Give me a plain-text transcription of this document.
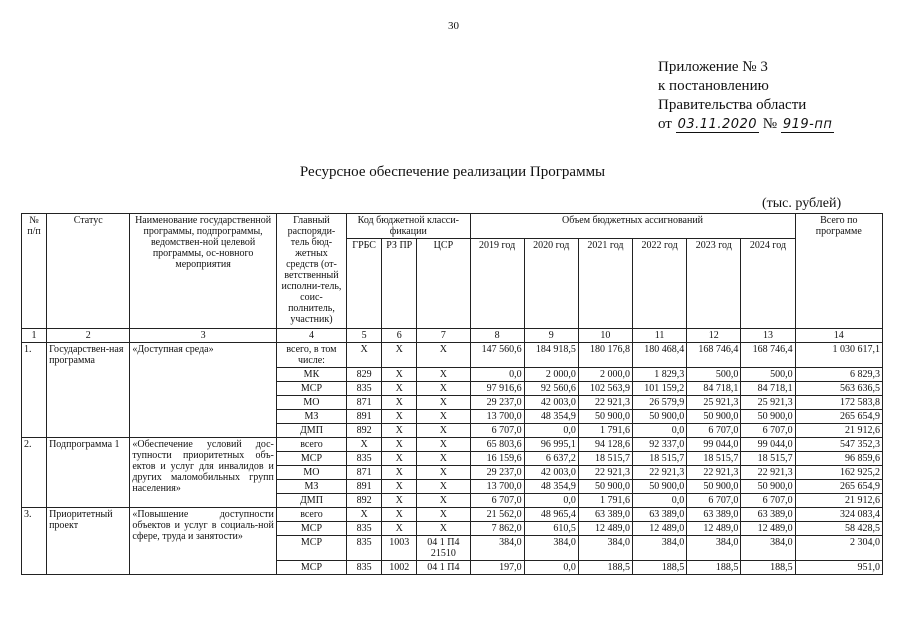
30
Приложение № 3
к постановлению
Правительства области
от 03.11.2020 № 919-пп
Ресурсное обеспечение реализации Программы
(тыс. рублей)
№ п/п	Статус	Наименование государственной программы, подпрограммы, ведомствен-ной целевой программы, ос-новного мероприятия	Главный распоряди-тель бюд-жетных средств (от-ветственный исполни-тель, соис-полнитель, участник)	Код бюджетной класси-фикации			Объем бюджетных ассигнований						Всего по программе
				ГРБС	РЗ ПР	ЦСР	2019 год	2020 год	2021 год	2022 год	2023 год	2024 год	
1	2	3	4	5	6	7	8	9	10	11	12	13	14
1.	Государствен-ная программа	«Доступная среда»	всего, в том числе:	X	X	X	147 560,6	184 918,5	180 176,8	180 468,4	168 746,4	168 746,4	1 030 617,1
			МК	829	X	X	0,0	2 000,0	2 000,0	1 829,3	500,0	500,0	6 829,3
			МСР	835	X	X	97 916,6	92 560,6	102 563,9	101 159,2	84 718,1	84 718,1	563 636,5
			МО	871	X	X	29 237,0	42 003,0	22 921,3	26 579,9	25 921,3	25 921,3	172 583,8
			МЗ	891	X	X	13 700,0	48 354,9	50 900,0	50 900,0	50 900,0	50 900,0	265 654,9
			ДМП	892	X	X	6 707,0	0,0	1 791,6	0,0	6 707,0	6 707,0	21 912,6
2.	Подпрограмма 1	«Обеспечение условий дос-тупности приоритетных объ-ектов и услуг для инвалидов и других маломобильных групп населения»	всего	X	X	X	65 803,6	96 995,1	94 128,6	92 337,0	99 044,0	99 044,0	547 352,3
			МСР	835	X	X	16 159,6	6 637,2	18 515,7	18 515,7	18 515,7	18 515,7	96 859,6
			МО	871	X	X	29 237,0	42 003,0	22 921,3	22 921,3	22 921,3	22 921,3	162 925,2
			МЗ	891	X	X	13 700,0	48 354,9	50 900,0	50 900,0	50 900,0	50 900,0	265 654,9
			ДМП	892	X	X	6 707,0	0,0	1 791,6	0,0	6 707,0	6 707,0	21 912,6
3.	Приоритетный проект	«Повышение доступности объектов и услуг в социаль-ной сфере, труда и занятости»	всего	X	X	X	21 562,0	48 965,4	63 389,0	63 389,0	63 389,0	63 389,0	324 083,4
			МСР	835	X	X	7 862,0	610,5	12 489,0	12 489,0	12 489,0	12 489,0	58 428,5
			МСР	835	1003	04 1 П4 21510	384,0	384,0	384,0	384,0	384,0	384,0	2 304,0
			МСР	835	1002	04 1 П4	197,0	0,0	188,5	188,5	188,5	188,5	951,0
